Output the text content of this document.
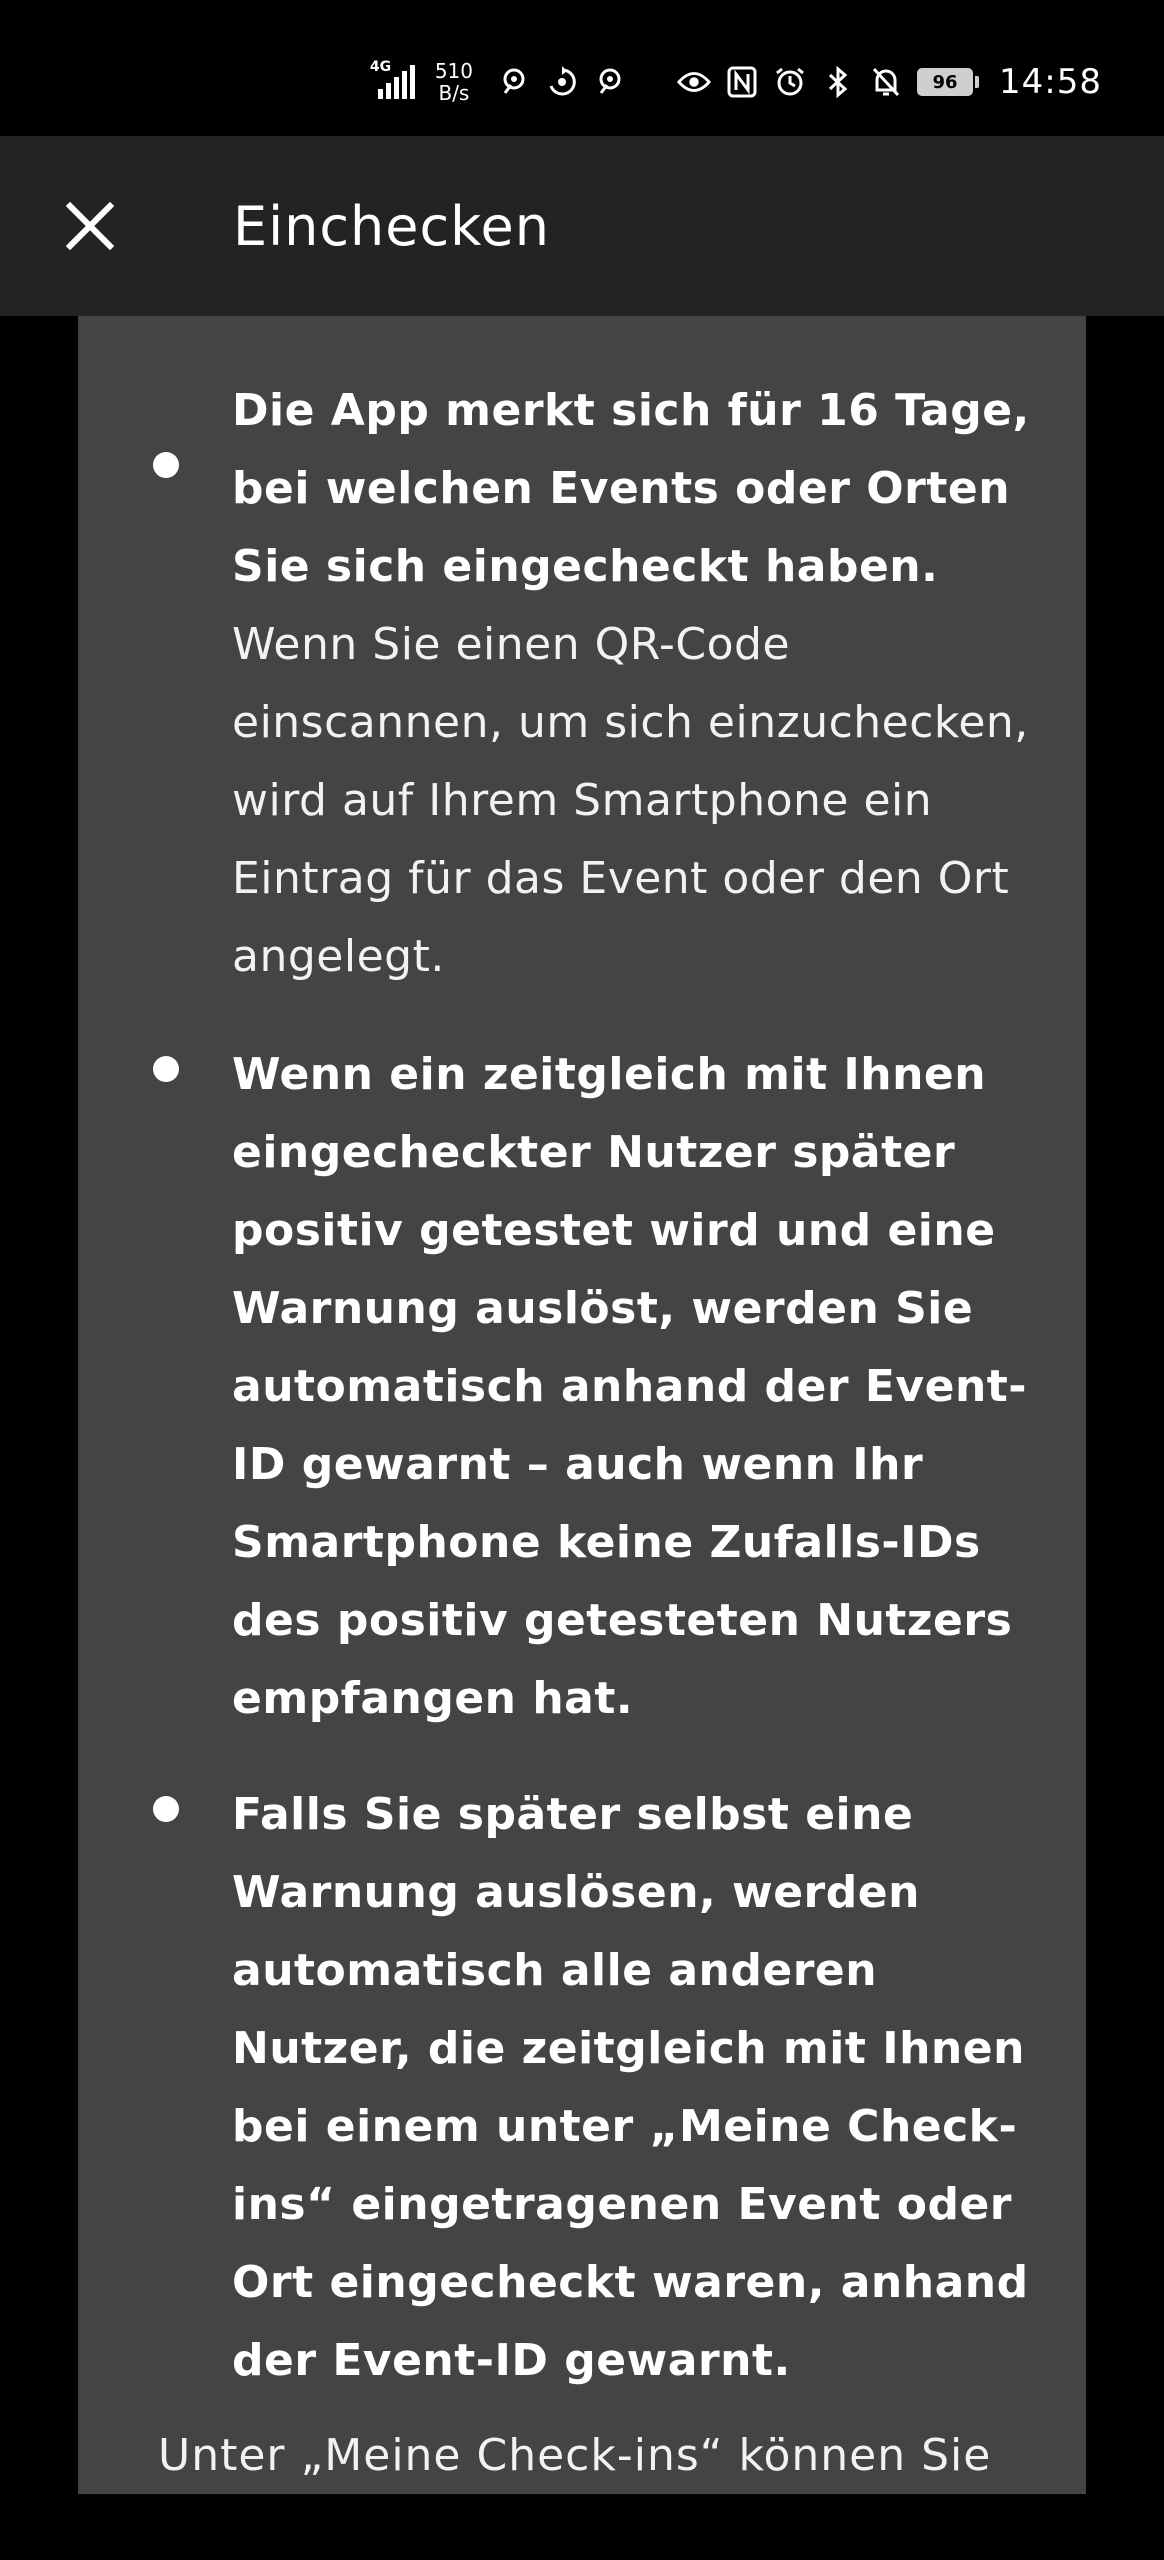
4G 510
B/s	96	14:58
Einchecken
Die App merkt sich für 16 Tage, bei welchen Events oder Orten Sie sich eingecheckt haben.
Wenn Sie einen QR-Code einscannen, um sich einzuchecken, wird auf Ihrem Smartphone ein Eintrag für das Event oder den Ort angelegt.
Wenn ein zeitgleich mit Ihnen eingecheckter Nutzer später positiv getestet wird und eine Warnung auslöst, werden Sie automatisch anhand der Event-ID gewarnt – auch wenn Ihr Smartphone keine Zufalls-IDs des positiv getesteten Nutzers empfangen hat.
Falls Sie später selbst eine Warnung auslösen, werden automatisch alle anderen Nutzer, die zeitgleich mit Ihnen bei einem unter „Meine Check-ins“ eingetragenen Event oder Ort eingecheckt waren, anhand der Event-ID gewarnt.
Unter „Meine Check-ins“ können Sie
